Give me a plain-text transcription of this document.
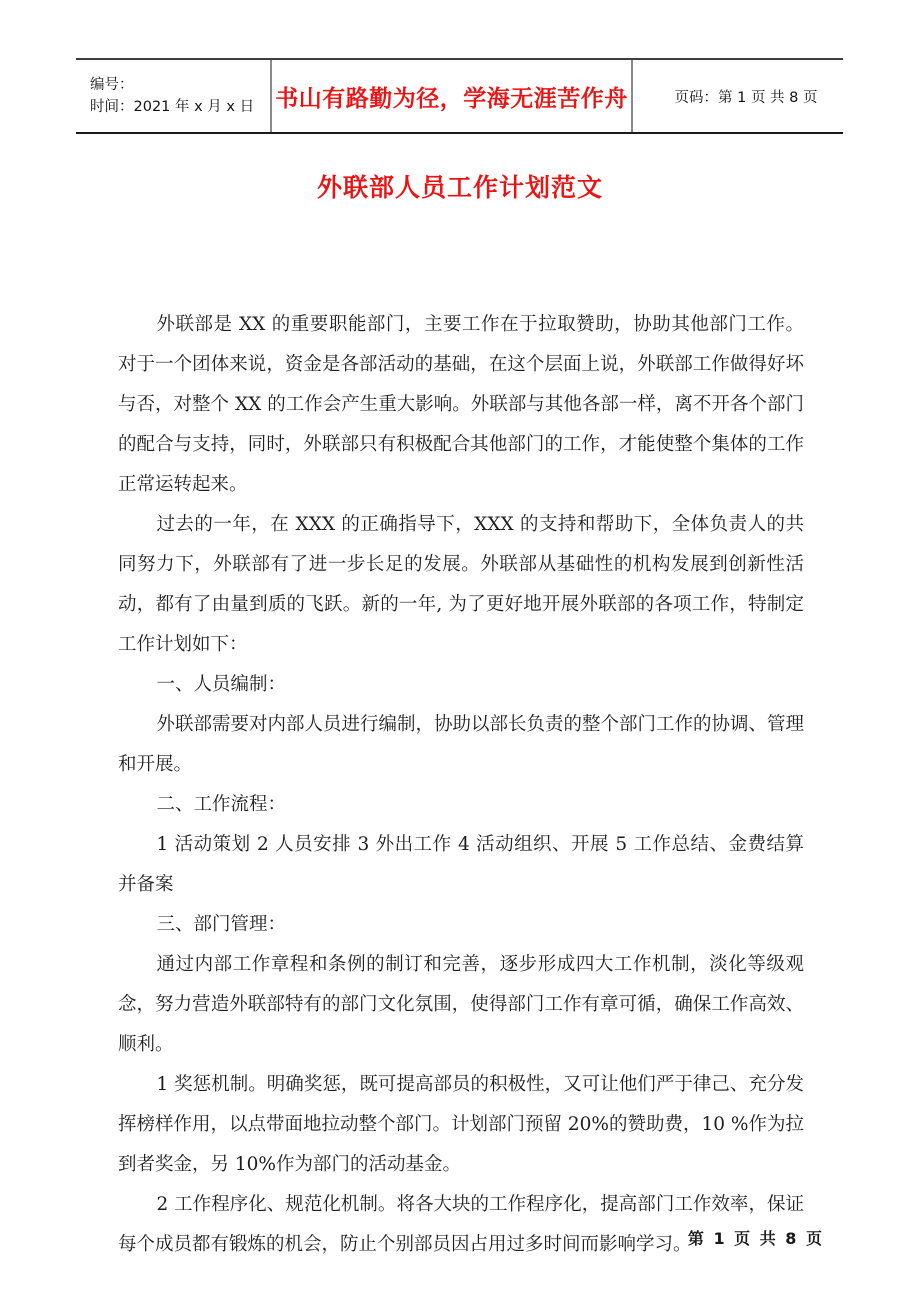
编号：
时间：2021 年 x 月 x 日 书山有路勤为径，学海无涯苦作舟	页码：第 1 页 共 8 页
外联部人员工作计划范文

外联部是 XX 的重要职能部门，主要工作在于拉取赞助，协助其他部门工作。对于一个团体来说，资金是各部活动的基础，在这个层面上说，外联部工作做得好坏与否，对整个 XX 的工作会产生重大影响。外联部与其他各部一样，离不开各个部门的配合与支持，同时，外联部只有积极配合其他部门的工作，才能使整个集体的工作正常运转起来。

过去的一年，在 XXX 的正确指导下，XXX 的支持和帮助下，全体负责人的共同努力下，外联部有了进一步长足的发展。外联部从基础性的机构发展到创新性活动，都有了由量到质的飞跃。新的一年, 为了更好地开展外联部的各项工作，特制定工作计划如下：

一、人员编制：

外联部需要对内部人员进行编制，协助以部长负责的整个部门工作的协调、管理和开展。

二、工作流程：

1 活动策划 2 人员安排 3 外出工作 4 活动组织、开展 5 工作总结、金费结算并备案

三、部门管理：

通过内部工作章程和条例的制订和完善，逐步形成四大工作机制，淡化等级观念，努力营造外联部特有的部门文化氛围，使得部门工作有章可循，确保工作高效、顺利。

1 奖惩机制。明确奖惩，既可提高部员的积极性，又可让他们严于律己、充分发挥榜样作用，以点带面地拉动整个部门。计划部门预留 20%的赞助费，10 %作为拉到者奖金，另 10%作为部门的活动基金。

2 工作程序化、规范化机制。将各大块的工作程序化，提高部门工作效率，保证每个成员都有锻炼的机会，防止个别部员因占用过多时间而影响学习。

第 1 页 共 8 页
